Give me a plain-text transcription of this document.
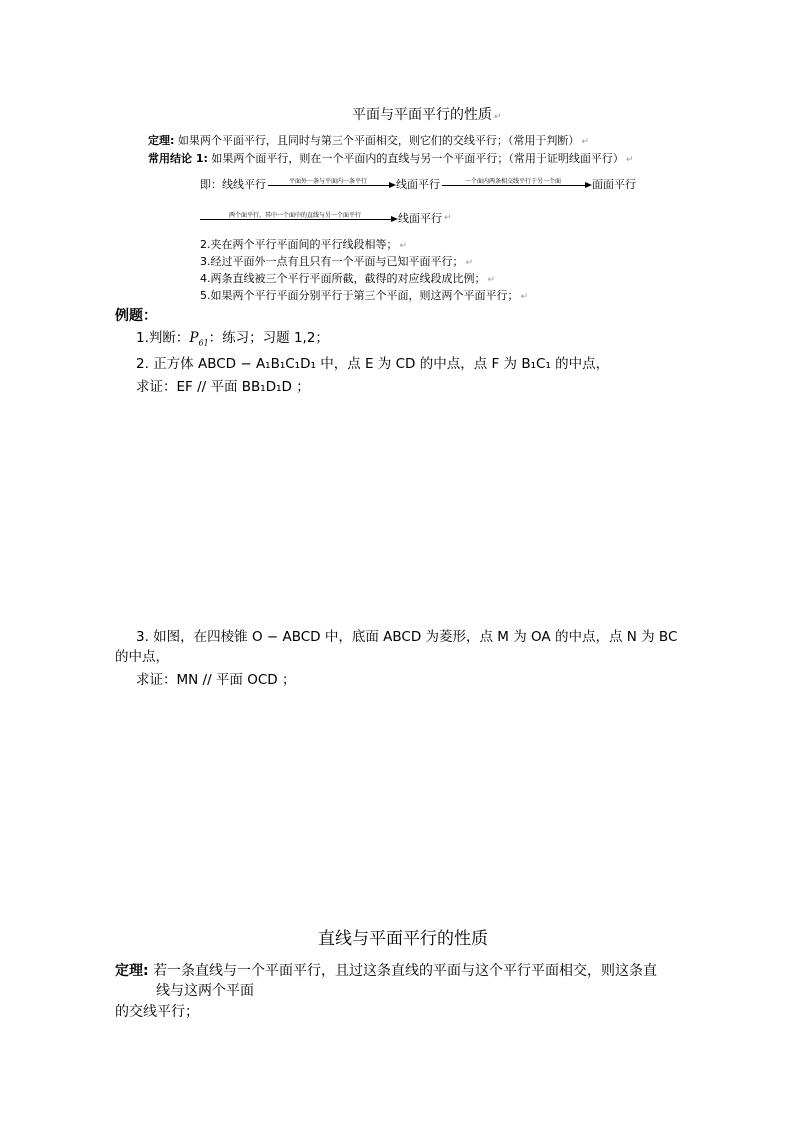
平面与平面平行的性质 ↵
定理: 如果两个平面平行，且同时与第三个平面相交，则它们的交线平行；（常用于判断） ↵
常用结论 1: 如果两个面平行，则在一个平面内的直线与另一个平面平行；（常用于证明线面平行） ↵
即：线线平行	平面外一条与平面内一条平行	线面平行	一个面内两条相交线平行于另一个面	面面平行
两个面平行，其中一个面中的直线与另一个面平行	线面平行 ↵
2.夹在两个平行平面间的平行线段相等； ↵
3.经过平面外一点有且只有一个平面与已知平面平行； ↵
4.两条直线被三个平行平面所截，截得的对应线段成比例； ↵
5.如果两个平行平面分别平行于第三个平面，则这两个平面平行； ↵
例题：
1.判断：$P_{61}$：练习；习题 1,2；
2. 正方体 ABCD − A₁B₁C₁D₁ 中，点 E 为 CD 的中点，点 F 为 B₁C₁ 的中点，
求证：EF // 平面 BB₁D₁D ；
3. 如图，在四棱锥 O − ABCD 中，底面 ABCD 为菱形，点 M 为 OA 的中点，点 N 为 BC
的中点，
求证：MN // 平面 OCD ；
直线与平面平行的性质
定理: 若一条直线与一个平面平行，且过这条直线的平面与这个平行平面相交，则这条直
线与这两个平面
的交线平行；
